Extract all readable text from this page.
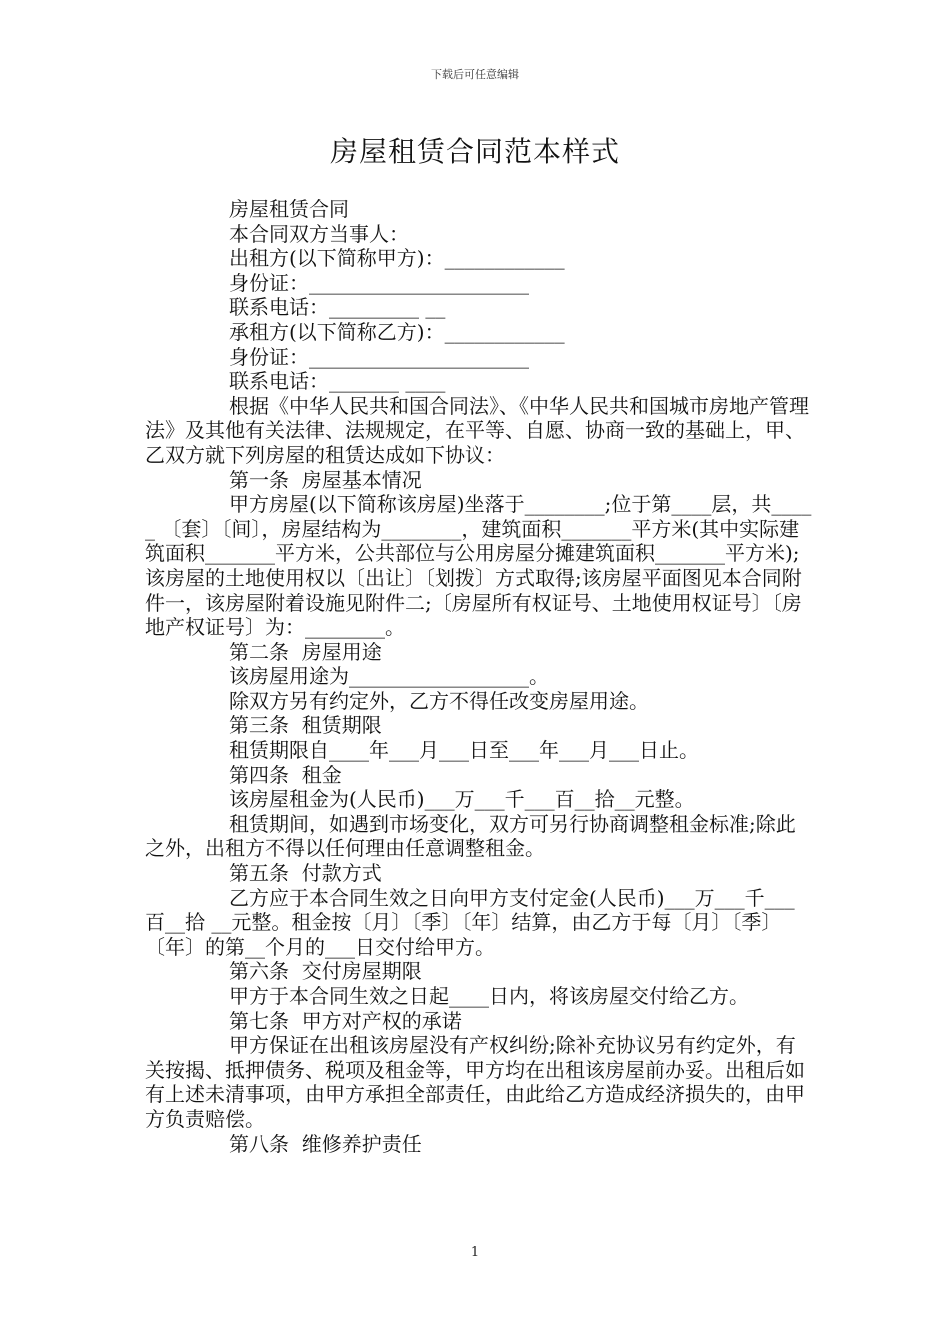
下载后可任意编辑
房屋租赁合同范本样式

房屋租赁合同

本合同双方当事人：

出租方(以下简称甲方)：____________

身份证：______________________

联系电话：_________ __

承租方(以下简称乙方)：____________

身份证：______________________

联系电话：_______ ____

根据《中华人民共和国合同法》、《中华人民共和国城市房地产管理法》及其他有关法律、法规规定，在平等、自愿、协商一致的基础上，甲、乙双方就下列房屋的租赁达成如下协议：

第一条  房屋基本情况

甲方房屋(以下简称该房屋)坐落于________;位于第____层，共_____ 〔套〕〔间〕，房屋结构为________，建筑面积_______平方米(其中实际建筑面积_______平方米，公共部位与公用房屋分摊建筑面积_______平方米);该房屋的土地使用权以〔出让〕〔划拨〕方式取得;该房屋平面图见本合同附件一，该房屋附着设施见附件二;〔房屋所有权证号、土地使用权证号〕〔房地产权证号〕为：________。

第二条  房屋用途

该房屋用途为__________________。

除双方另有约定外，乙方不得任改变房屋用途。

第三条  租赁期限

租赁期限自____年___月___日至___年___月___日止。

第四条  租金

该房屋租金为(人民币)___万___千___百__拾__元整。

租赁期间，如遇到市场变化，双方可另行协商调整租金标准;除此之外，出租方不得以任何理由任意调整租金。

第五条  付款方式

乙方应于本合同生效之日向甲方支付定金(人民币)___万___千___百__拾 __元整。租金按〔月〕〔季〕〔年〕结算，由乙方于每〔月〕〔季〕〔年〕的第__个月的___日交付给甲方。

第六条  交付房屋期限

甲方于本合同生效之日起____日内，将该房屋交付给乙方。

第七条  甲方对产权的承诺

甲方保证在出租该房屋没有产权纠纷;除补充协议另有约定外，有关按揭、抵押债务、税项及租金等，甲方均在出租该房屋前办妥。出租后如有上述未清事项，由甲方承担全部责任，由此给乙方造成经济损失的，由甲方负责赔偿。

第八条  维修养护责任

1
